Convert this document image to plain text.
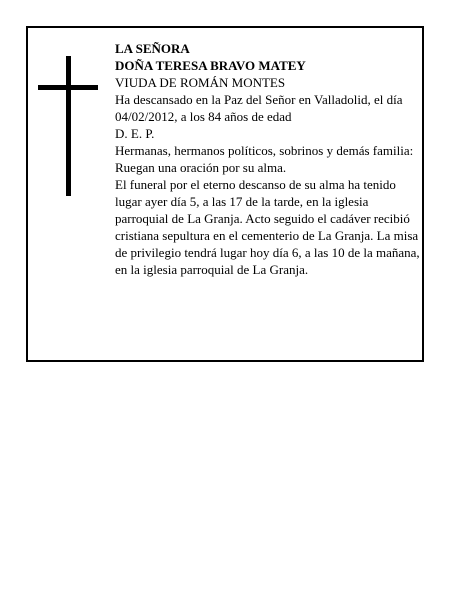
LA SEÑORA

DOÑA TERESA BRAVO MATEY

VIUDA DE ROMÁN MONTES

Ha descansado en la Paz del Señor en Valladolid, el día 04/02/2012, a los 84 años de edad

D. E. P.

Hermanas, hermanos políticos, sobrinos y demás familia:

Ruegan una oración por su alma.

El funeral por el eterno descanso de su alma ha tenido lugar ayer día 5, a las 17 de la tarde, en la iglesia parroquial de La Granja. Acto seguido el cadáver recibió cristiana sepultura en el cementerio de La Granja. La misa de privilegio tendrá lugar hoy día 6, a las 10 de la mañana, en la iglesia parroquial de La Granja.
